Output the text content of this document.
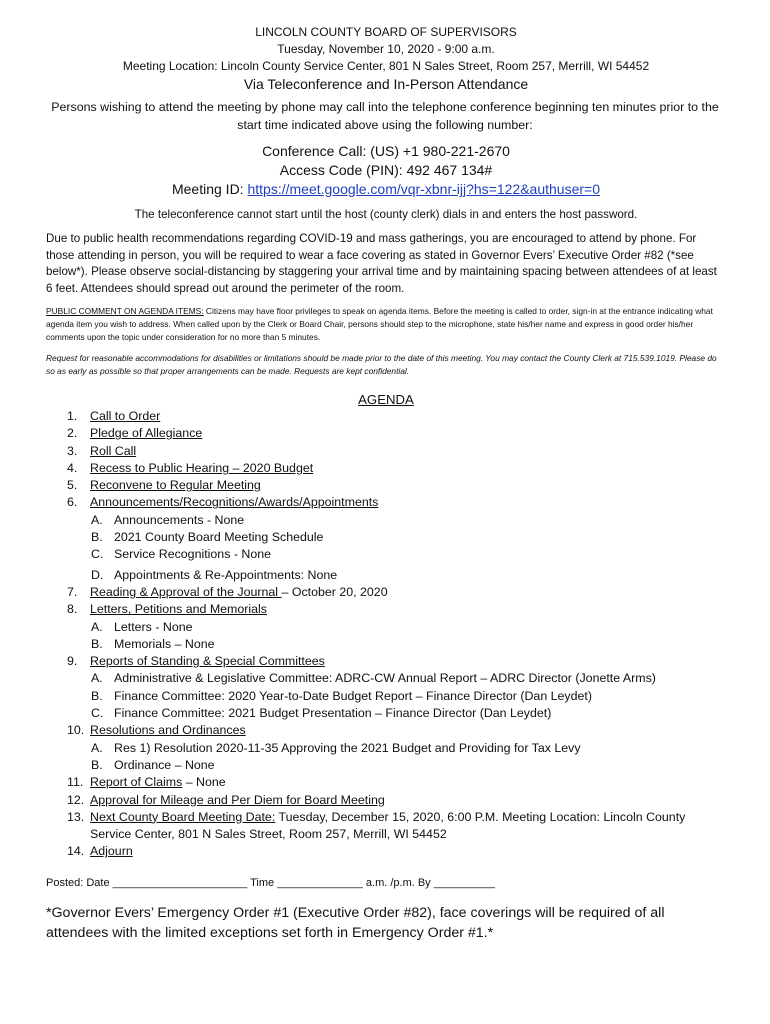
LINCOLN COUNTY BOARD OF SUPERVISORS
Tuesday, November 10, 2020 - 9:00 a.m.
Meeting Location: Lincoln County Service Center, 801 N Sales Street, Room 257, Merrill, WI 54452
Via Teleconference and In-Person Attendance
Persons wishing to attend the meeting by phone may call into the telephone conference beginning ten minutes prior to the start time indicated above using the following number:
Conference Call: (US) +1 980-221-2670
Access Code (PIN): 492 467 134#
Meeting ID: https://meet.google.com/vqr-xbnr-ijj?hs=122&authuser=0
The teleconference cannot start until the host (county clerk) dials in and enters the host password.
Due to public health recommendations regarding COVID-19 and mass gatherings, you are encouraged to attend by phone. For those attending in person, you will be required to wear a face covering as stated in Governor Evers’ Executive Order #82 (*see below*). Please observe social-distancing by staggering your arrival time and by maintaining spacing between attendees of at least 6 feet. Attendees should spread out around the perimeter of the room.
PUBLIC COMMENT ON AGENDA ITEMS: Citizens may have floor privileges to speak on agenda items. Before the meeting is called to order, sign-in at the entrance indicating what agenda item you wish to address. When called upon by the Clerk or Board Chair, persons should step to the microphone, state his/her name and express in good order his/her comments upon the topic under consideration for no more than 5 minutes.
Request for reasonable accommodations for disabilities or limitations should be made prior to the date of this meeting. You may contact the County Clerk at 715.539.1019. Please do so as early as possible so that proper arrangements can be made. Requests are kept confidential.
AGENDA
1.	Call to Order
2.	Pledge of Allegiance
3.	Roll Call
4.	Recess to Public Hearing – 2020 Budget
5.	Reconvene to Regular Meeting
6.	Announcements/Recognitions/Awards/Appointments
A. Announcements - None
B. 2021 County Board Meeting Schedule
C. Service Recognitions - None
D. Appointments & Re-Appointments: None
7.	Reading & Approval of the Journal – October 20, 2020
8.	Letters, Petitions and Memorials
A. Letters - None
B. Memorials – None
9.	Reports of Standing & Special Committees
A. Administrative & Legislative Committee: ADRC-CW Annual Report – ADRC Director (Jonette Arms)
B. Finance Committee: 2020 Year-to-Date Budget Report – Finance Director (Dan Leydet)
C. Finance Committee: 2021 Budget Presentation – Finance Director (Dan Leydet)
10. Resolutions and Ordinances
A. Res 1) Resolution 2020-11-35 Approving the 2021 Budget and Providing for Tax Levy
B. Ordinance – None
11. Report of Claims – None
12. Approval for Mileage and Per Diem for Board Meeting
13. Next County Board Meeting Date: Tuesday, December 15, 2020, 6:00 P.M. Meeting Location: Lincoln County Service Center, 801 N Sales Street, Room 257, Merrill, WI 54452
14. Adjourn
Posted: Date ______________________ Time ______________ a.m. /p.m. By __________
*Governor Evers’ Emergency Order #1 (Executive Order #82), face coverings will be required of all attendees with the limited exceptions set forth in Emergency Order #1.*
